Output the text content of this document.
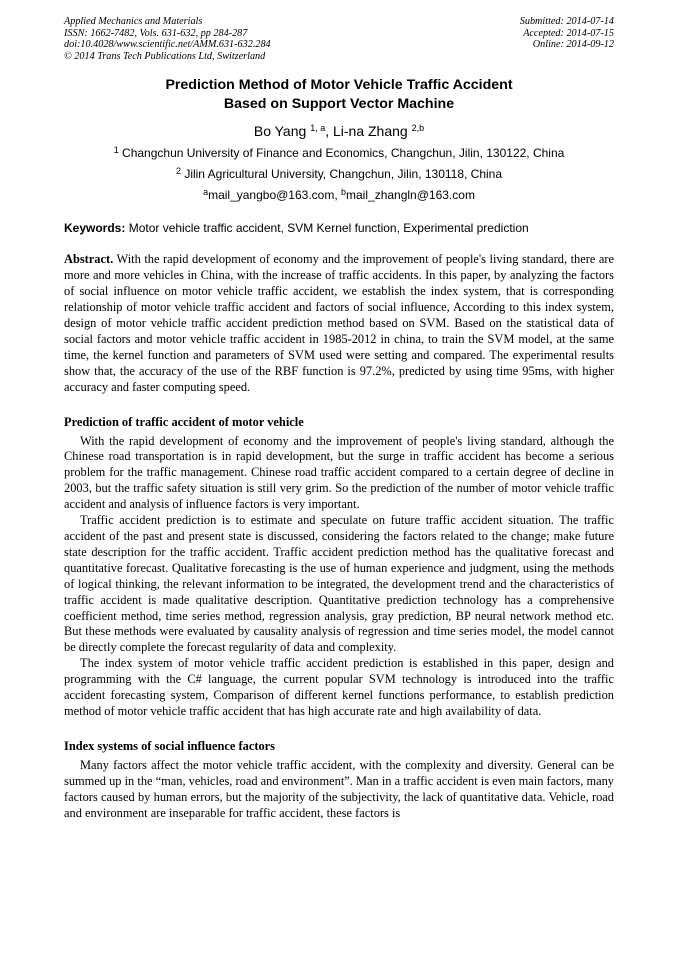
Applied Mechanics and Materials
ISSN: 1662-7482, Vols. 631-632, pp 284-287
doi:10.4028/www.scientific.net/AMM.631-632.284
© 2014 Trans Tech Publications Ltd, Switzerland
Submitted: 2014-07-14
Accepted: 2014-07-15
Online: 2014-09-12
Prediction Method of Motor Vehicle Traffic Accident
Based on Support Vector Machine
Bo Yang $^{1, a}$, Li-na Zhang $^{2,b}$
$^1$ Changchun University of Finance and Economics, Changchun, Jilin, 130122, China
$^2$ Jilin Agricultural University, Changchun, Jilin, 130118, China
$^a$mail_yangbo@163.com, $^b$mail_zhangln@163.com
Keywords: Motor vehicle traffic accident, SVM Kernel function, Experimental prediction

Abstract. With the rapid development of economy and the improvement of people's living standard, there are more and more vehicles in China, with the increase of traffic accidents. In this paper, by analyzing the factors of social influence on motor vehicle traffic accident, we establish the index system, that is corresponding relationship of motor vehicle traffic accident and factors of social influence, According to this index system, design of motor vehicle traffic accident prediction method based on SVM. Based on the statistical data of social factors and motor vehicle traffic accident in 1985-2012 in china, to train the SVM model, at the same time, the kernel function and parameters of SVM used were setting and compared. The experimental results show that, the accuracy of the use of the RBF function is 97.2%, predicted by using time 95ms, with higher accuracy and faster computing speed.

Prediction of traffic accident of motor vehicle

With the rapid development of economy and the improvement of people's living standard, although the Chinese road transportation is in rapid development, but the surge in traffic accident has become a serious problem for the traffic management. Chinese road traffic accident compared to a certain degree of decline in 2003, but the traffic safety situation is still very grim. So the prediction of the number of motor vehicle traffic accident and analysis of influence factors is very important.

Traffic accident prediction is to estimate and speculate on future traffic accident situation. The traffic accident of the past and present state is discussed, considering the factors related to the change; make future state description for the traffic accident. Traffic accident prediction method has the qualitative forecast and quantitative forecast. Qualitative forecasting is the use of human experience and judgment, using the methods of logical thinking, the relevant information to be integrated, the development trend and the characteristics of traffic accident is made qualitative description. Quantitative prediction technology has a comprehensive coefficient method, time series method, regression analysis, gray prediction, BP neural network method etc. But these methods were evaluated by causality analysis of regression and time series model, the model cannot be directly complete the forecast regularity of data and complexity.

The index system of motor vehicle traffic accident prediction is established in this paper, design and programming with the C# language, the current popular SVM technology is introduced into the traffic accident forecasting system, Comparison of different kernel functions performance, to establish prediction method of motor vehicle traffic accident that has high accurate rate and high availability of data.

Index systems of social influence factors

Many factors affect the motor vehicle traffic accident, with the complexity and diversity. General can be summed up in the “man, vehicles, road and environment”. Man in a traffic accident is even main factors, many factors caused by human errors, but the majority of the subjectivity, the lack of quantitative data. Vehicle, road and environment are inseparable for traffic accident, these factors is
